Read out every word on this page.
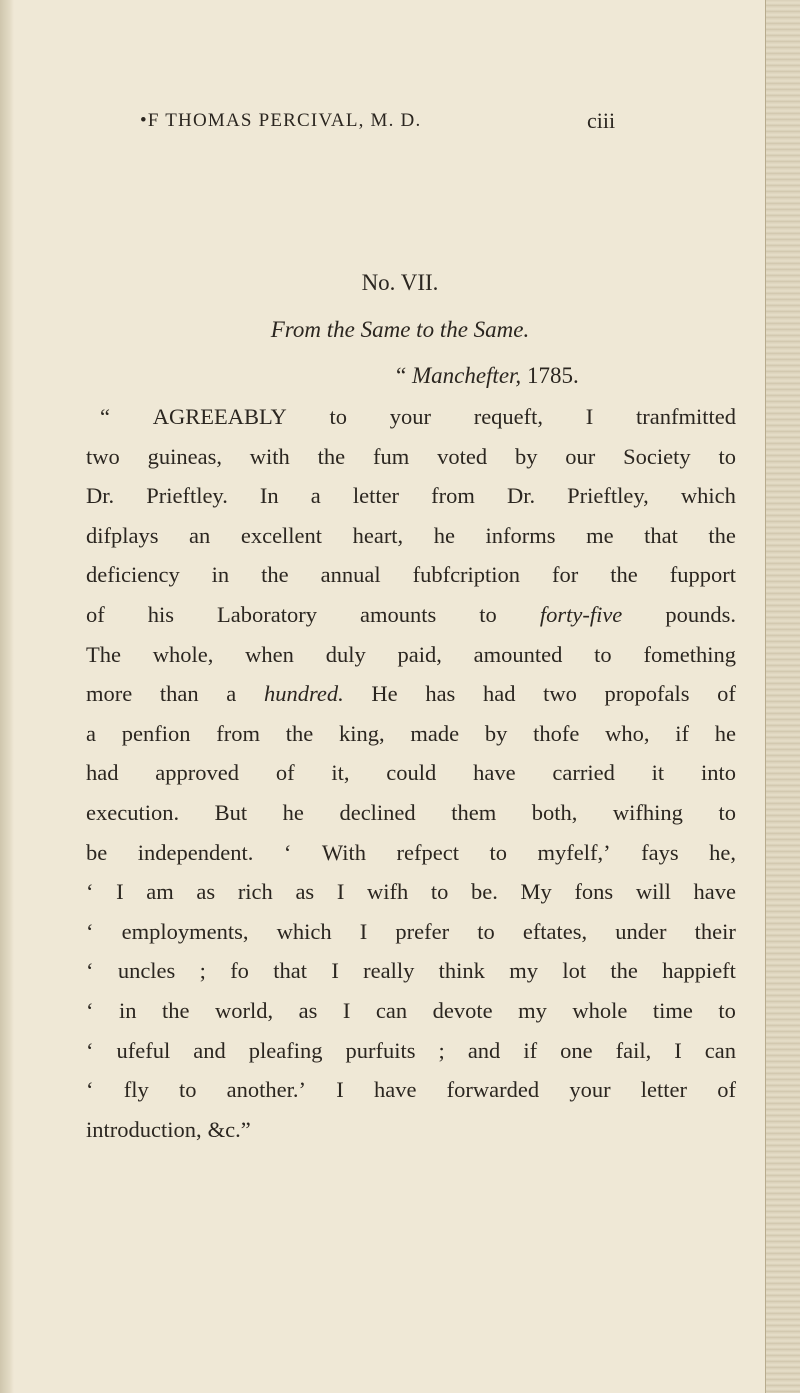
•F THOMAS PERCIVAL, M. D.	ciii
No. VII.
From the Same to the Same.
“ Manchefter, 1785.
“ AGREEABLY to your requeft, I tranfmitted
two guineas, with the fum voted by our Society to
Dr. Prieftley. In a letter from Dr. Prieftley, which
difplays an excellent heart, he informs me that the
deficiency in the annual fubfcription for the fupport
of his Laboratory amounts to forty-five pounds.
The whole, when duly paid, amounted to fomething
more than a hundred. He has had two propofals of
a penfion from the king, made by thofe who, if he
had approved of it, could have carried it into
execution. But he declined them both, wifhing to
be independent. ‘ With refpect to myfelf,’ fays he,
‘ I am as rich as I wifh to be. My fons will have
‘ employments, which I prefer to eftates, under their
‘ uncles ; fo that I really think my lot the happieft
‘ in the world, as I can devote my whole time to
‘ ufeful and pleafing purfuits ; and if one fail, I can
‘ fly to another.’ I have forwarded your letter of
introduction, &c.”
